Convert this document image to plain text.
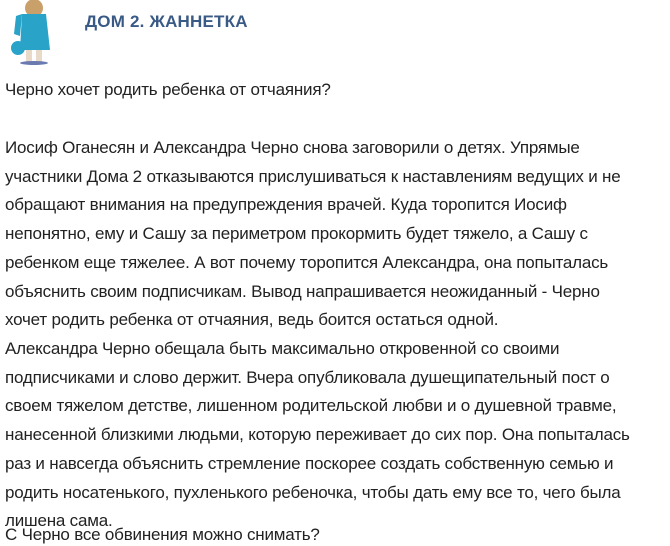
ДОМ 2. ЖАННЕТКА
Черно хочет родить ребенка от отчаяния?
Иосиф Оганесян и Александра Черно снова заговорили о детях. Упрямые
участники Дома 2 отказываются прислушиваться к наставлениям ведущих и не
обращают внимания на предупреждения врачей. Куда торопится Иосиф
непонятно, ему и Сашу за периметром прокормить будет тяжело, а Сашу с
ребенком еще тяжелее. А вот почему торопится Александра, она попыталась
объяснить своим подписчикам. Вывод напрашивается неожиданный - Черно
хочет родить ребенка от отчаяния, ведь боится остаться одной.
Александра Черно обещала быть максимально откровенной со своими
подписчиками и слово держит. Вчера опубликовала душещипательный пост о
своем тяжелом детстве, лишенном родительской любви и о душевной травме,
нанесенной близкими людьми, которую переживает до сих пор. Она попыталась
раз и навсегда объяснить стремление поскорее создать собственную семью и
родить носатенького, пухленького ребеночка, чтобы дать ему все то, чего была
лишена сама.
С Черно все обвинения можно снимать?
